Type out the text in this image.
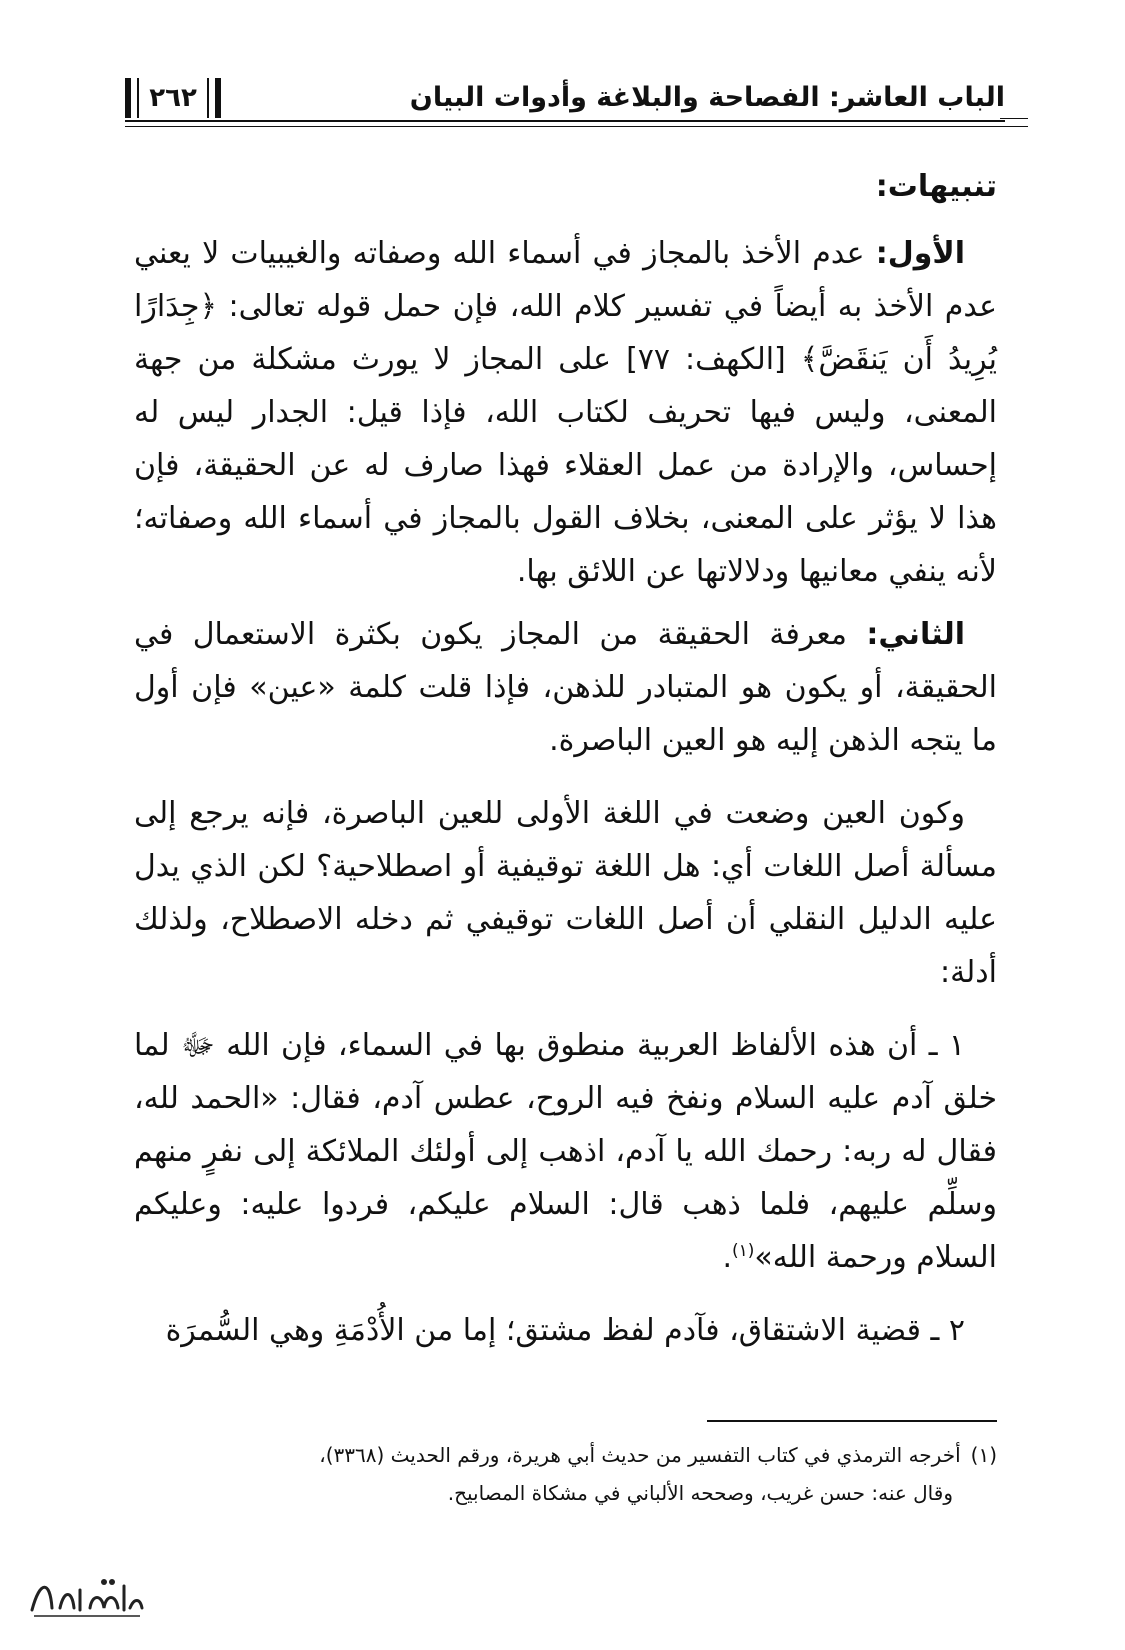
الباب العاشر: الفصاحة والبلاغة وأدوات البيان
٢٦٢
تنبيهات:

الأول: عدم الأخذ بالمجاز في أسماء الله وصفاته والغيبيات لا يعني عدم الأخذ به أيضاً في تفسير كلام الله، فإن حمل قوله تعالى: ﴿جِدَارًا يُرِيدُ أَن يَنقَضَّ﴾ [الكهف: ٧٧] على المجاز لا يورث مشكلة من جهة المعنى، وليس فيها تحريف لكتاب الله، فإذا قيل: الجدار ليس له إحساس، والإرادة من عمل العقلاء فهذا صارف له عن الحقيقة، فإن هذا لا يؤثر على المعنى، بخلاف القول بالمجاز في أسماء الله وصفاته؛ لأنه ينفي معانيها ودلالاتها عن اللائق بها.

الثاني: معرفة الحقيقة من المجاز يكون بكثرة الاستعمال في الحقيقة، أو يكون هو المتبادر للذهن، فإذا قلت كلمة «عين» فإن أول ما يتجه الذهن إليه هو العين الباصرة.

وكون العين وضعت في اللغة الأولى للعين الباصرة، فإنه يرجع إلى مسألة أصل اللغات أي: هل اللغة توقيفية أو اصطلاحية؟ لكن الذي يدل عليه الدليل النقلي أن أصل اللغات توقيفي ثم دخله الاصطلاح، ولذلك أدلة:

١ ـ أن هذه الألفاظ العربية منطوق بها في السماء، فإن الله ﷻ لما خلق آدم عليه السلام ونفخ فيه الروح، عطس آدم، فقال: «الحمد لله، فقال له ربه: رحمك الله يا آدم، اذهب إلى أولئك الملائكة إلى نفرٍ منهم وسلِّم عليهم، فلما ذهب قال: السلام عليكم، فردوا عليه: وعليكم السلام ورحمة الله»$^{(١)}$.

٢ ـ قضية الاشتقاق، فآدم لفظ مشتق؛ إما من الأُدْمَةِ وهي السُّمرَة

(١)أخرجه الترمذي في كتاب التفسير من حديث أبي هريرة، ورقم الحديث (٣٣٦٨)،
وقال عنه: حسن غريب، وصححه الألباني في مشكاة المصابيح.
